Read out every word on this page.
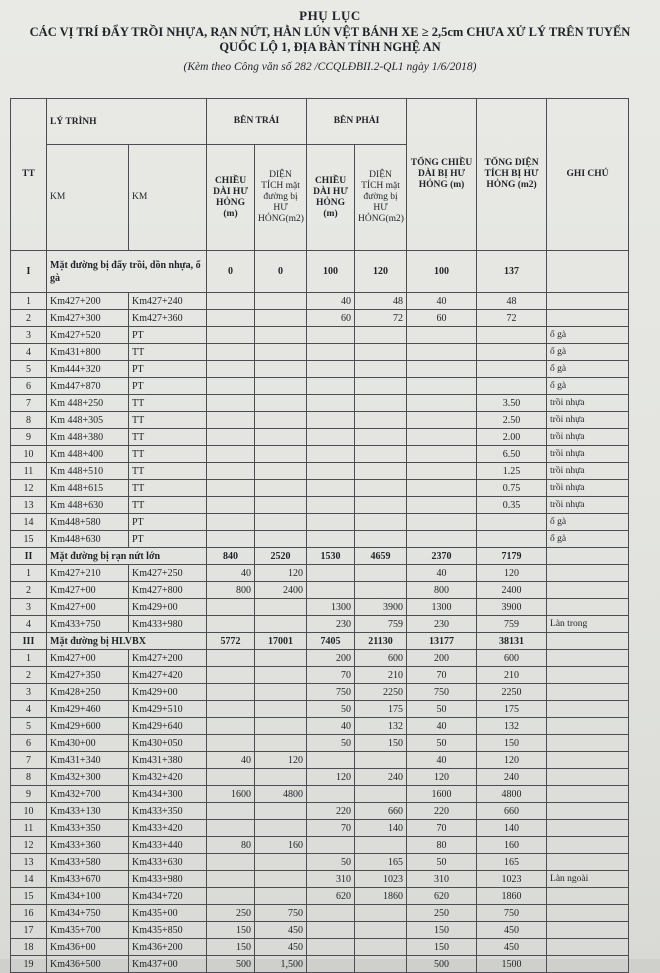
PHỤ LỤC
CÁC VỊ TRÍ ĐẨY TRỒI NHỰA, RẠN NỨT, HẰN LÚN VỆT BÁNH XE ≥ 2,5cm CHƯA XỬ LÝ TRÊN TUYẾN QUỐC LỘ 1, ĐỊA BÀN TỈNH NGHỆ AN
(Kèm theo Công văn số 282 /CCQLĐBII.2-QL1 ngày 1/6/2018)
TT	LÝ TRÌNH		BÊN TRÁI		BÊN PHẢI		TỔNG CHIỀU DÀI BỊ HƯ HỎNG (m)	TỔNG DIỆN TÍCH BỊ HƯ HỎNG (m2)	GHI CHÚ
	KM	KM	CHIỀU DÀI HƯ HỎNG (m)	DIỆN TÍCH mặt đường bị HƯ HỎNG(m2)	CHIỀU DÀI HƯ HỎNG (m)	DIỆN TÍCH mặt đường bị HƯ HỎNG(m2)			
I	Mặt đường bị đẩy trồi, dồn nhựa, ổ gà		0	0	100	120	100	137	
1	Km427+200	Km427+240			40	48	40	48	
2	Km427+300	Km427+360			60	72	60	72	
3	Km427+520	PT							ổ gà
4	Km431+800	TT							ổ gà
5	Km444+320	PT							ổ gà
6	Km447+870	PT							ổ gà
7	Km 448+250	TT						3.50	trồi nhựa
8	Km 448+305	TT						2.50	trồi nhựa
9	Km 448+380	TT						2.00	trồi nhựa
10	Km 448+400	TT						6.50	trồi nhựa
11	Km 448+510	TT						1.25	trồi nhựa
12	Km 448+615	TT						0.75	trồi nhựa
13	Km 448+630	TT						0.35	trồi nhựa
14	Km448+580	PT							ổ gà
15	Km448+630	PT							ổ gà
II	Mặt đường bị rạn nứt lớn		840	2520	1530	4659	2370	7179	
1	Km427+210	Km427+250	40	120			40	120	
2	Km427+00	Km427+800	800	2400			800	2400	
3	Km427+00	Km429+00			1300	3900	1300	3900	
4	Km433+750	Km433+980			230	759	230	759	Làn trong
III	Mặt đường bị HLVBX		5772	17001	7405	21130	13177	38131	
1	Km427+00	Km427+200			200	600	200	600	
2	Km427+350	Km427+420			70	210	70	210	
3	Km428+250	Km429+00			750	2250	750	2250	
4	Km429+460	Km429+510			50	175	50	175	
5	Km429+600	Km429+640			40	132	40	132	
6	Km430+00	Km430+050			50	150	50	150	
7	Km431+340	Km431+380	40	120			40	120	
8	Km432+300	Km432+420			120	240	120	240	
9	Km432+700	Km434+300	1600	4800			1600	4800	
10	Km433+130	Km433+350			220	660	220	660	
11	Km433+350	Km433+420			70	140	70	140	
12	Km433+360	Km433+440	80	160			80	160	
13	Km433+580	Km433+630			50	165	50	165	
14	Km433+670	Km433+980			310	1023	310	1023	Làn ngoài
15	Km434+100	Km434+720			620	1860	620	1860	
16	Km434+750	Km435+00	250	750			250	750	
17	Km435+700	Km435+850	150	450			150	450	
18	Km436+00	Km436+200	150	450			150	450	
19	Km436+500	Km437+00	500	1,500			500	1500	
